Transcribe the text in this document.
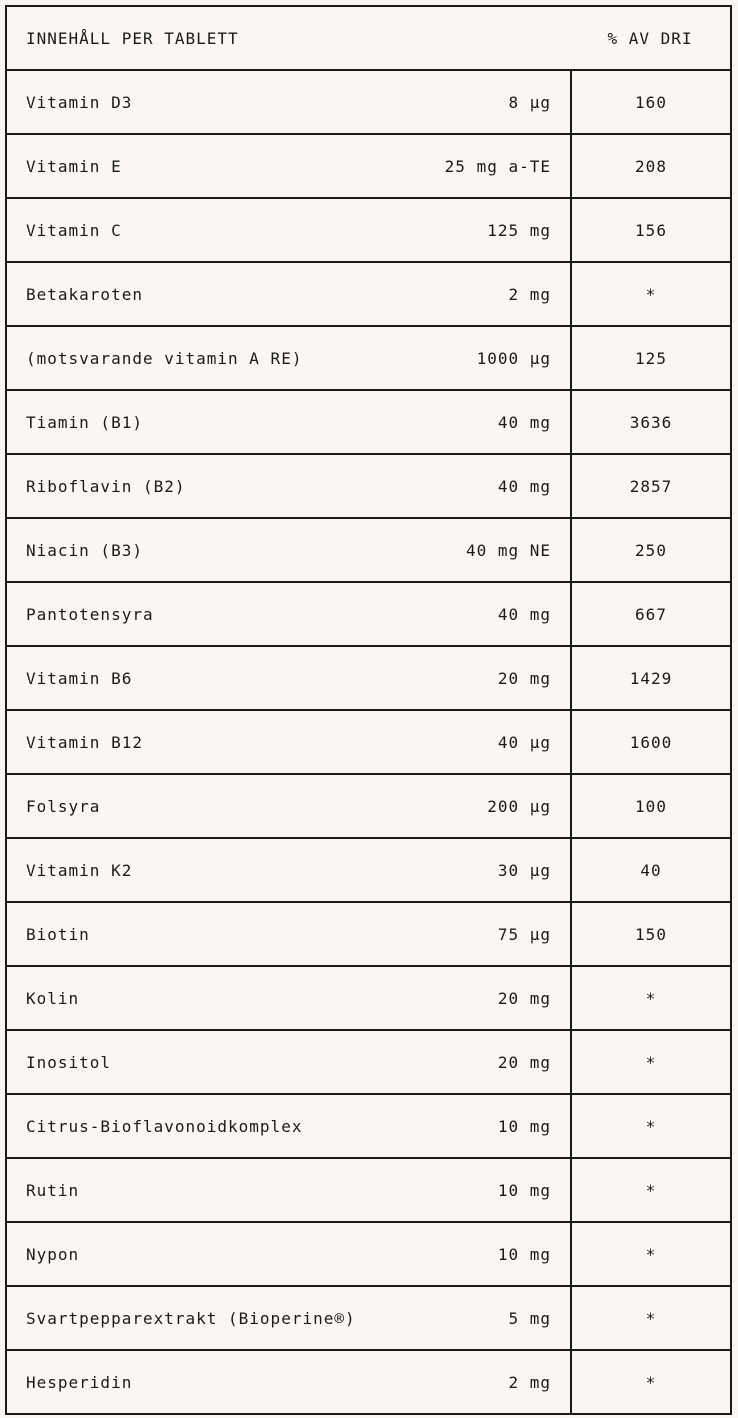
INNEHÅLL PER TABLETT	% AV DRI
Vitamin D3	8 µg	160
Vitamin E	25 mg a-TE	208
Vitamin C	125 mg	156
Betakaroten	2 mg	*
(motsvarande vitamin A RE)	1000 µg	125
Tiamin (B1)	40 mg	3636
Riboflavin (B2)	40 mg	2857
Niacin (B3)	40 mg NE	250
Pantotensyra	40 mg	667
Vitamin B6	20 mg	1429
Vitamin B12	40 µg	1600
Folsyra	200 µg	100
Vitamin K2	30 µg	40
Biotin	75 µg	150
Kolin	20 mg	*
Inositol	20 mg	*
Citrus-Bioflavonoidkomplex	10 mg	*
Rutin	10 mg	*
Nypon	10 mg	*
Svartpepparextrakt (Bioperine®)	5 mg	*
Hesperidin	2 mg	*
